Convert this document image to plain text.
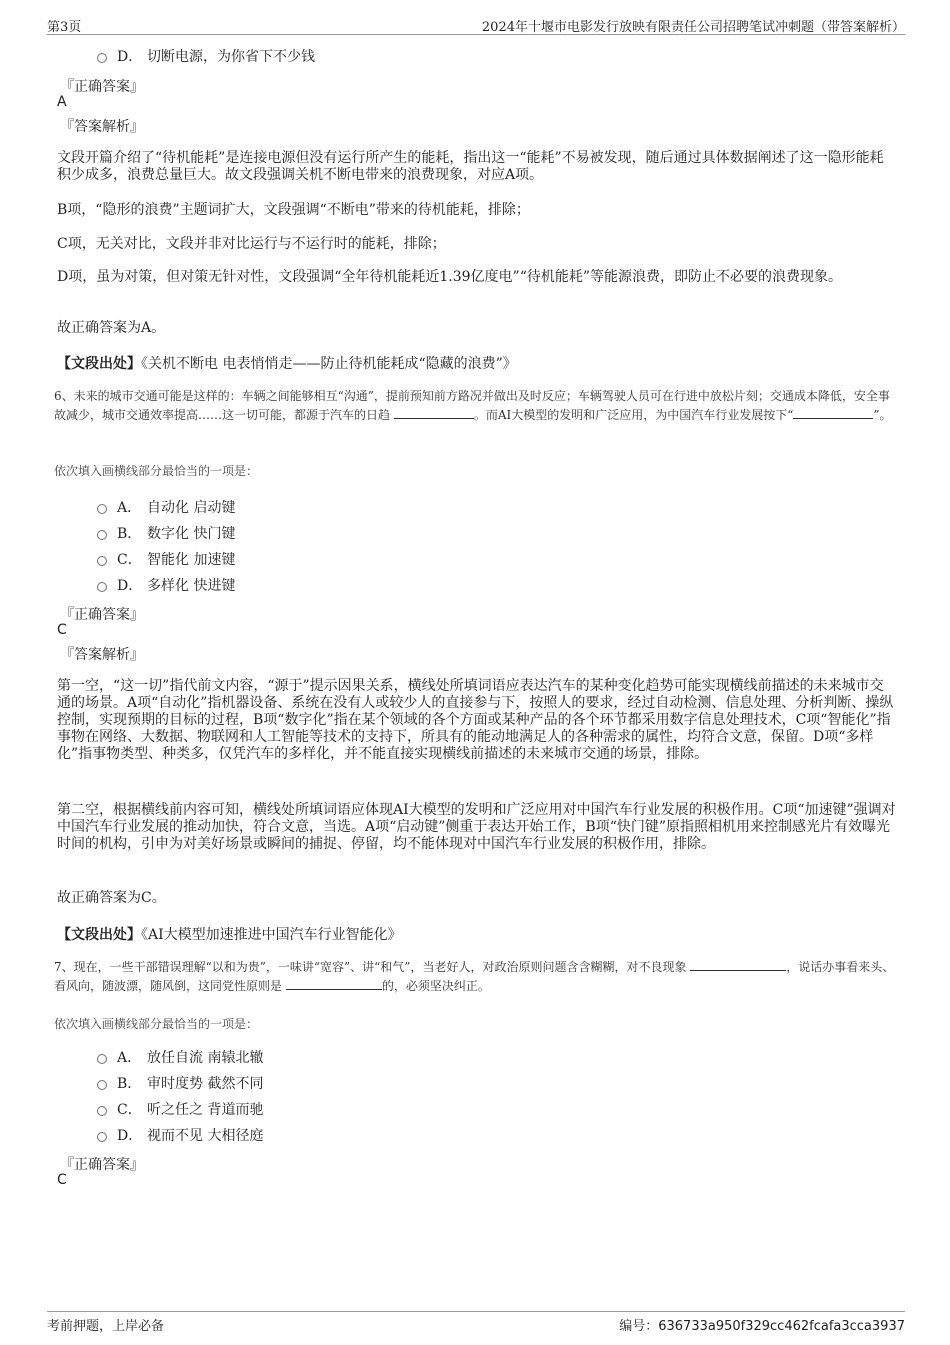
第3页	2024年十堰市电影发行放映有限责任公司招聘笔试冲刺题（带答案解析）
D． 切断电源，为你省下不少钱
『正确答案』
A
『答案解析』
文段开篇介绍了“待机能耗”是连接电源但没有运行所产生的能耗，指出这一“能耗”不易被发现，随后通过具体数据阐述了这一隐形能耗积少成多，浪费总量巨大。故文段强调关机不断电带来的浪费现象，对应A项。
B项，“隐形的浪费”主题词扩大，文段强调“不断电”带来的待机能耗，排除；
C项，无关对比，文段并非对比运行与不运行时的能耗，排除；
D项，虽为对策，但对策无针对性，文段强调“全年待机能耗近1.39亿度电”“待机能耗”等能源浪费，即防止不必要的浪费现象。
故正确答案为A。
【文段出处】《关机不断电 电表悄悄走——防止待机能耗成“隐藏的浪费”》
6、未来的城市交通可能是这样的：车辆之间能够相互“沟通”，提前预知前方路况并做出及时反应；车辆驾驶人员可在行进中放松片刻；交通成本降低，安全事故减少，城市交通效率提高……这一切可能，都源于汽车的日趋	。而AI大模型的发明和广泛应用，为中国汽车行业发展按下“	”。
依次填入画横线部分最恰当的一项是：
A． 自动化 启动键
B． 数字化 快门键
C． 智能化 加速键
D． 多样化 快进键
『正确答案』
C
『答案解析』
第一空，“这一切”指代前文内容，“源于”提示因果关系，横线处所填词语应表达汽车的某种变化趋势可能实现横线前描述的未来城市交通的场景。A项“自动化”指机器设备、系统在没有人或较少人的直接参与下，按照人的要求，经过自动检测、信息处理、分析判断、操纵控制，实现预期的目标的过程，B项“数字化”指在某个领域的各个方面或某种产品的各个环节都采用数字信息处理技术，C项“智能化”指事物在网络、大数据、物联网和人工智能等技术的支持下，所具有的能动地满足人的各种需求的属性，均符合文意，保留。D项“多样化”指事物类型、种类多，仅凭汽车的多样化，并不能直接实现横线前描述的未来城市交通的场景，排除。
第二空，根据横线前内容可知，横线处所填词语应体现AI大模型的发明和广泛应用对中国汽车行业发展的积极作用。C项“加速键”强调对中国汽车行业发展的推动加快，符合文意，当选。A项“启动键”侧重于表达开始工作，B项“快门键”原指照相机用来控制感光片有效曝光时间的机构，引申为对美好场景或瞬间的捕捉、停留，均不能体现对中国汽车行业发展的积极作用，排除。
故正确答案为C。
【文段出处】《AI大模型加速推进中国汽车行业智能化》
7、现在，一些干部错误理解“以和为贵”，一味讲“宽容”、讲“和气”，当老好人，对政治原则问题含含糊糊，对不良现象	，说话办事看来头、看风向，随波漂，随风倒，这同党性原则是	的，必须坚决纠正。
依次填入画横线部分最恰当的一项是：
A． 放任自流 南辕北辙
B． 审时度势 截然不同
C． 听之任之 背道而驰
D． 视而不见 大相径庭
『正确答案』
C
考前押题，上岸必备	编号：636733a950f329cc462fcafa3cca3937
